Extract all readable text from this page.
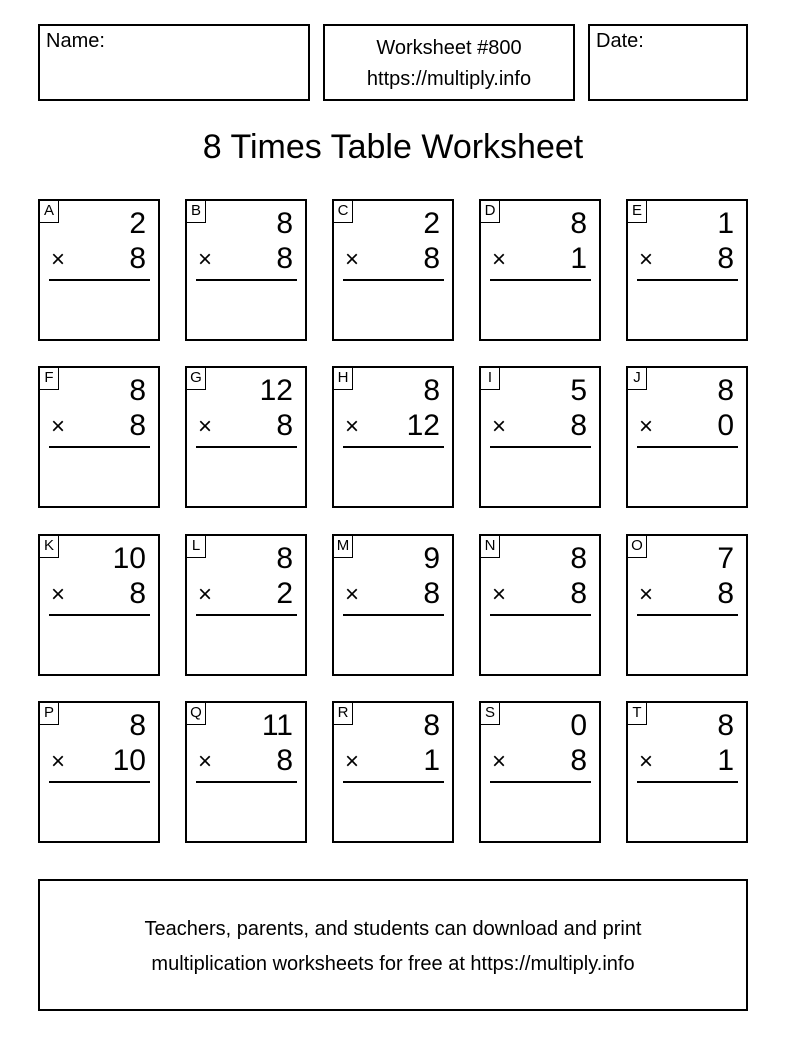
Name:	Worksheet #800
https://multiply.info
Date:
8 Times Table Worksheet
A	2
× 8
B	8
× 8
C 2
× 8
D 8
× 1
E	1
× 8
F	8
× 8
G 12
× 8
H 8
× 12
I	5
× 8
J	8
× 0
K 10
× 8
L	8
× 2
M 9
× 8
N 8
× 8
O 7
× 8
P	8
× 10
Q 11
× 8
R 8
× 1
S	0
× 8
T	8
× 1
Teachers, parents, and students can download and print
multiplication worksheets for free at https://multiply.info
